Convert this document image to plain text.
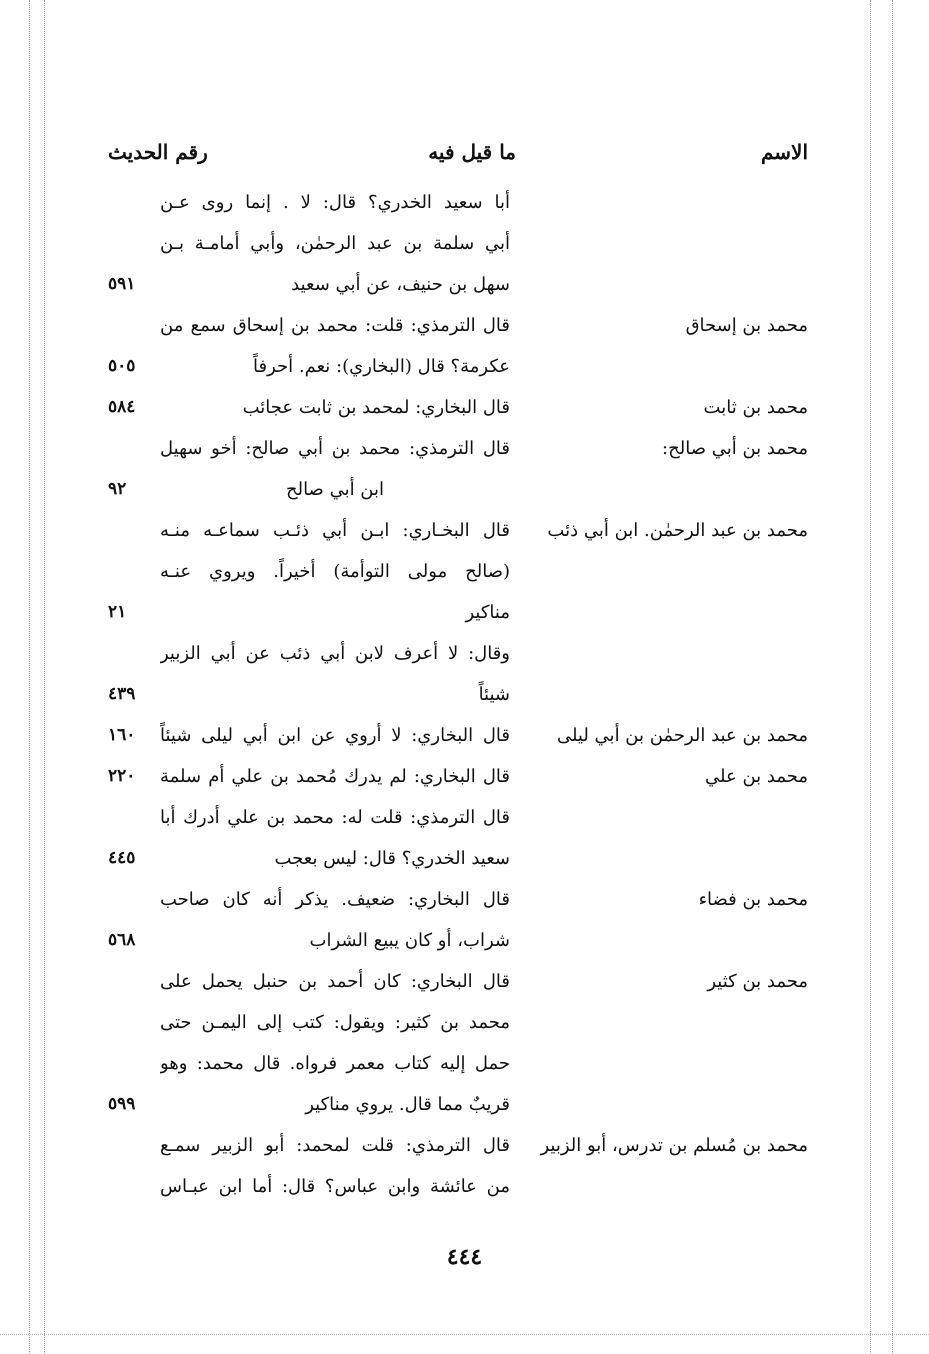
الاسم
ما قيل فيه
رقم الحديث
أبا سعيد الخدري؟ قال: لا . إنما روى عـن
أبي سلمة بن عبد الرحمٰن، وأبي أمامـة بـن
سهل بن حنيف، عن أبي سعيد
٥٩١
محمد بن إسحاق
قال الترمذي: قلت: محمد بن إسحاق سمع من
عكرمة؟ قال (البخاري): نعم. أحرفاً
٥٠٥
محمد بن ثابت
قال البخاري: لمحمد بن ثابت عجائب
٥٨٤
محمد بن أبي صالح:
قال الترمذي: محمد بن أبي صالح: أخو سهيل
ابن أبي صالح
٩٢
محمد بن عبد الرحمٰن. ابن أبي ذئب
قال البخـاري: ابـن أبي ذئـب سماعـه منـه
(صالح مولى التوأمة) أخيراً. ويروي عنـه
مناكير
٢١
وقال: لا أعرف لابن أبي ذئب عن أبي الزبير
شيئاً
٤٣٩
محمد بن عبد الرحمٰن بن أبي ليلى
قال البخاري: لا أروي عن ابن أبي ليلى شيئاً
١٦٠
محمد بن علي
قال البخاري: لم يدرك مُحمد بن علي أم سلمة
٢٢٠
قال الترمذي: قلت له: محمد بن علي أدرك أبا
سعيد الخدري؟ قال: ليس بعجب
٤٤٥
محمد بن فضاء
قال البخاري: ضعيف. يذكر أنه كان صاحب
شراب، أو كان يبيع الشراب
٥٦٨
محمد بن كثير
قال البخاري: كان أحمد بن حنبل يحمل على
محمد بن كثير: ويقول: كتب إلى اليمـن حتى
حمل إليه كتاب معمر فرواه. قال محمد: وهو
قريبٌ مما قال. يروي مناكير
٥٩٩
محمد بن مُسلم بن تدرس، أبو الزبير
قال الترمذي: قلت لمحمد: أبو الزبير سمـع
من عائشة وابن عباس؟ قال: أما ابن عبـاس
٤٤٤
